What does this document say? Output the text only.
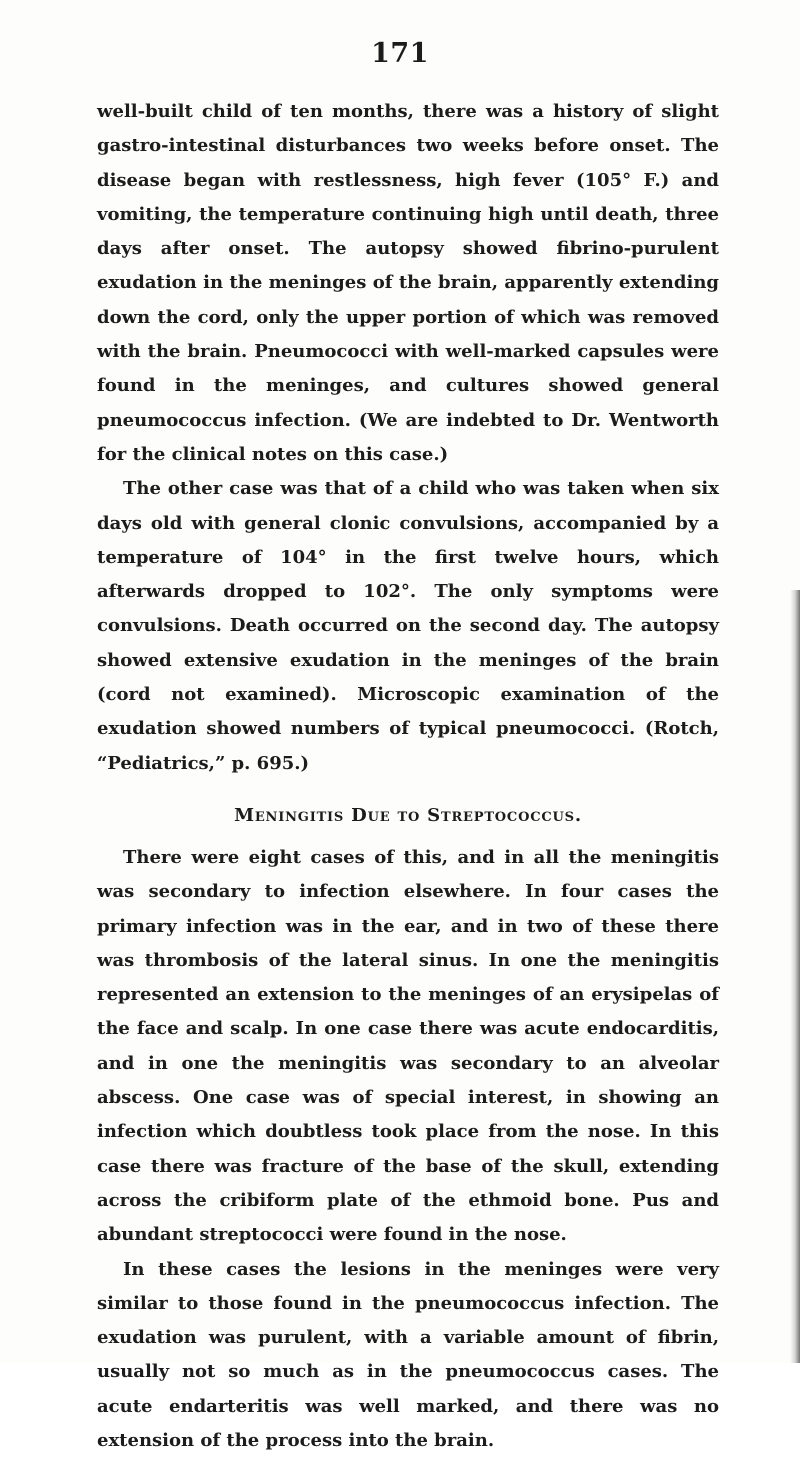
171

well-built child of ten months, there was a history of slight gastro-intestinal disturbances two weeks before onset. The disease began with restlessness, high fever (105° F.) and vomiting, the temperature continuing high until death, three days after onset. The autopsy showed fibrino-purulent exudation in the meninges of the brain, apparently extending down the cord, only the upper portion of which was removed with the brain. Pneumococci with well-marked capsules were found in the meninges, and cultures showed general pneumococcus infection. (We are indebted to Dr. Wentworth for the clinical notes on this case.)

The other case was that of a child who was taken when six days old with general clonic convulsions, accompanied by a temperature of 104° in the first twelve hours, which afterwards dropped to 102°. The only symptoms were convulsions. Death occurred on the second day. The autopsy showed extensive exudation in the meninges of the brain (cord not examined). Microscopic examination of the exudation showed numbers of typical pneumococci. (Rotch, “Pediatrics,” p. 695.)

Meningitis Due to Streptococcus.

There were eight cases of this, and in all the meningitis was secondary to infection elsewhere. In four cases the primary infection was in the ear, and in two of these there was thrombosis of the lateral sinus. In one the meningitis represented an extension to the meninges of an erysipelas of the face and scalp. In one case there was acute endocarditis, and in one the meningitis was secondary to an alveolar abscess. One case was of special interest, in showing an infection which doubtless took place from the nose. In this case there was fracture of the base of the skull, extending across the cribiform plate of the ethmoid bone. Pus and abundant streptococci were found in the nose.

In these cases the lesions in the meninges were very similar to those found in the pneumococcus infection. The exudation was purulent, with a variable amount of fibrin, usually not so much as in the pneumococcus cases. The acute endarteritis was well marked, and there was no extension of the process into the brain.
